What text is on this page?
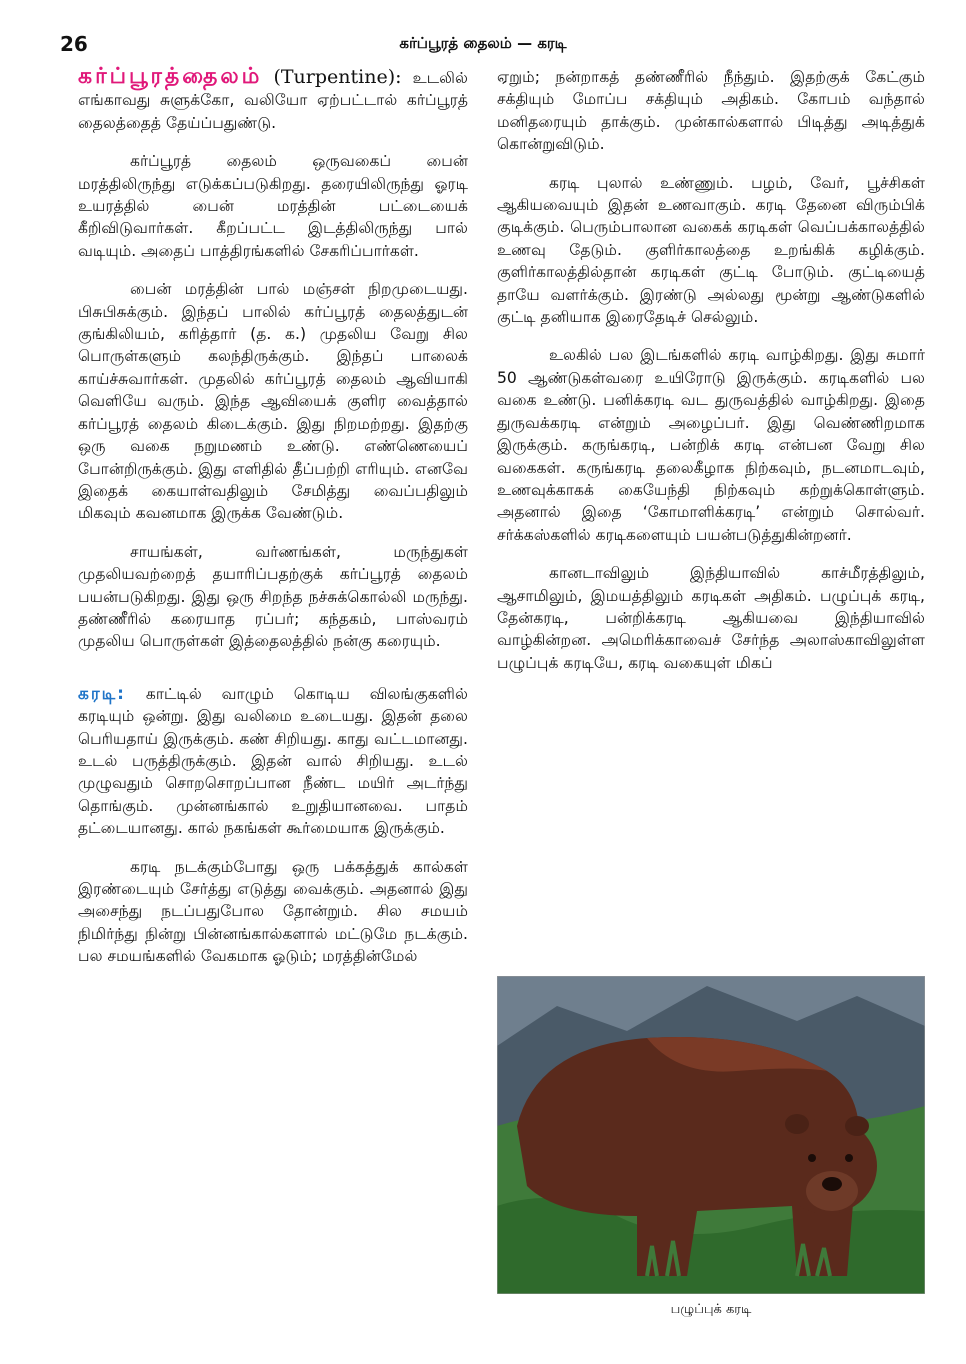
26	கர்ப்பூரத் தைலம் — கரடி

கர்ப்பூரத்தைலம் (Turpentine): உடலில் எங்காவது சுளுக்கோ, வலியோ ஏற்பட்டால் கர்ப்பூரத் தைலத்தைத் தேய்ப்பதுண்டு.

கர்ப்பூரத் தைலம் ஒருவகைப் பைன் மரத்திலிருந்து எடுக்கப்படுகிறது. தரையிலிருந்து ஓரடி உயரத்தில் பைன் மரத்தின் பட்டையைக் கீறிவிடுவார்கள். கீறப்பட்ட இடத்திலிருந்து பால் வடியும். அதைப் பாத்திரங்களில் சேகரிப்பார்கள்.

பைன் மரத்தின் பால் மஞ்சள் நிறமுடையது. பிசுபிசுக்கும். இந்தப் பாலில் கர்ப்பூரத் தைலத்துடன் குங்கிலியம், கரித்தார் (த. க.) முதலிய வேறு சில பொருள்களும் கலந்திருக்கும். இந்தப் பாலைக் காய்ச்சுவார்கள். முதலில் கர்ப்பூரத் தைலம் ஆவியாகி வெளியே வரும். இந்த ஆவியைக் குளிர வைத்தால் கர்ப்பூரத் தைலம் கிடைக்கும். இது நிறமற்றது. இதற்கு ஒரு வகை நறுமணம் உண்டு. எண்ணெயைப் போன்றிருக்கும். இது எளிதில் தீப்பற்றி எரியும். எனவே இதைக் கையாள்வதிலும் சேமித்து வைப்பதிலும் மிகவும் கவனமாக இருக்க வேண்டும்.

சாயங்கள், வர்ணங்கள், மருந்துகள் முதலியவற்றைத் தயாரிப்பதற்குக் கர்ப்பூரத் தைலம் பயன்படுகிறது. இது ஒரு சிறந்த நச்சுக்கொல்லி மருந்து. தண்ணீரில் கரையாத ரப்பர்; கந்தகம், பாஸ்வரம் முதலிய பொருள்கள் இத்தைலத்தில் நன்கு கரையும்.

கரடி: காட்டில் வாழும் கொடிய விலங்குகளில் கரடியும் ஒன்று. இது வலிமை உடையது. இதன் தலை பெரியதாய் இருக்கும். கண் சிறியது. காது வட்டமானது. உடல் பருத்திருக்கும். இதன் வால் சிறியது. உடல் முழுவதும் சொறசொறப்பான நீண்ட மயிர் அடர்ந்து தொங்கும். முன்னங்கால் உறுதியானவை. பாதம் தட்டையானது. கால் நகங்கள் கூர்மையாக இருக்கும்.

கரடி நடக்கும்போது ஒரு பக்கத்துக் கால்கள் இரண்டையும் சேர்த்து எடுத்து வைக்கும். அதனால் இது அசைந்து நடப்பதுபோல தோன்றும். சில சமயம் நிமிர்ந்து நின்று பின்னங்கால்களால் மட்டுமே நடக்கும். பல சமயங்களில் வேகமாக ஓடும்; மரத்தின்மேல்

ஏறும்; நன்றாகத் தண்ணீரில் நீந்தும். இதற்குக் கேட்கும் சக்தியும் மோப்ப சக்தியும் அதிகம். கோபம் வந்தால் மனிதரையும் தாக்கும். முன்கால்களால் பிடித்து அடித்துக் கொன்றுவிடும்.

கரடி புலால் உண்ணும். பழம், வேர், பூச்சிகள் ஆகியவையும் இதன் உணவாகும். கரடி தேனை விரும்பிக் குடிக்கும். பெரும்பாலான வகைக் கரடிகள் வெப்பக்காலத்தில் உணவு தேடும். குளிர்காலத்தை உறங்கிக் கழிக்கும். குளிர்காலத்தில்தான் கரடிகள் குட்டி போடும். குட்டியைத் தாயே வளர்க்கும். இரண்டு அல்லது மூன்று ஆண்டுகளில் குட்டி தனியாக இரைதேடிச் செல்லும்.

உலகில் பல இடங்களில் கரடி வாழ்கிறது. இது சுமார் 50 ஆண்டுகள்வரை உயிரோடு இருக்கும். கரடிகளில் பல வகை உண்டு. பனிக்கரடி வட துருவத்தில் வாழ்கிறது. இதை துருவக்கரடி என்றும் அழைப்பர். இது வெண்ணிறமாக இருக்கும். கருங்கரடி, பன்றிக் கரடி என்பன வேறு சில வகைகள். கருங்கரடி தலைகீழாக நிற்கவும், நடனமாடவும், உணவுக்காகக் கையேந்தி நிற்கவும் கற்றுக்கொள்ளும். அதனால் இதை ‘கோமாளிக்கரடி’ என்றும் சொல்வர். சர்க்கஸ்களில் கரடிகளையும் பயன்படுத்துகின்றனர்.

கானடாவிலும் இந்தியாவில் காச்மீரத்திலும், ஆசாமிலும், இமயத்திலும் கரடிகள் அதிகம். பழுப்புக் கரடி, தேன்கரடி, பன்றிக்கரடி ஆகியவை இந்தியாவில் வாழ்கின்றன. அமெரிக்காவைச் சேர்ந்த அலாஸ்காவிலுள்ள பழுப்புக் கரடியே, கரடி வகையுள் மிகப்

பழுப்புக் கரடி
